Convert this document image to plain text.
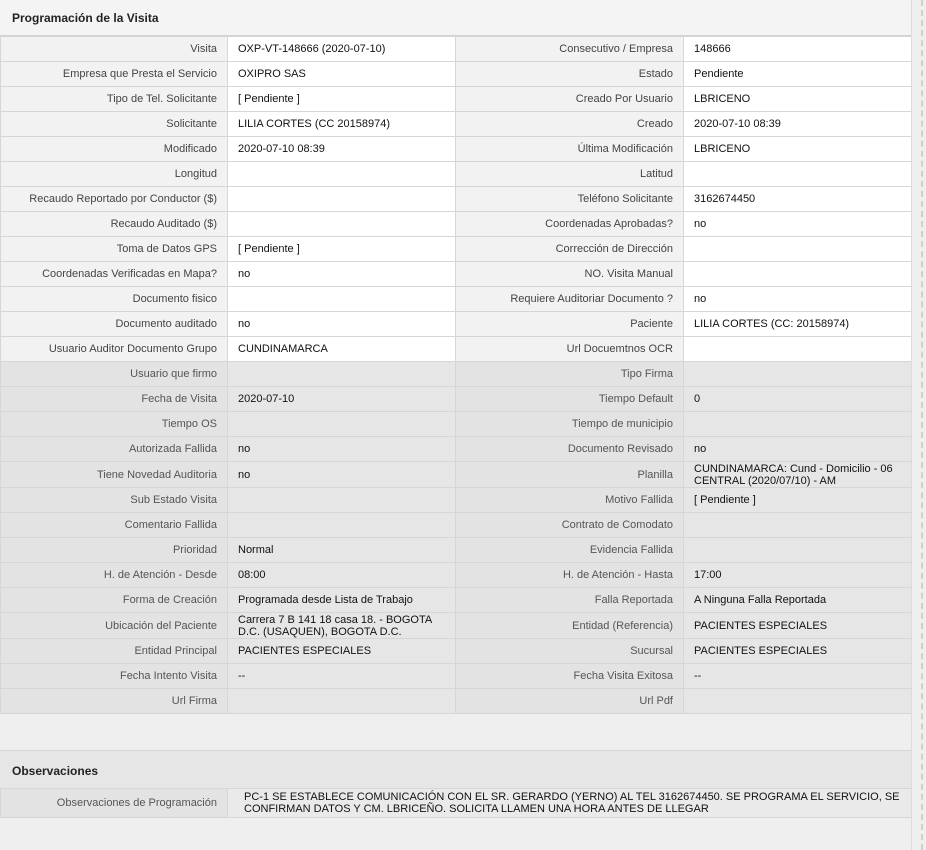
Programación de la Visita
Visita	OXP-VT-148666 (2020-07-10)	Consecutivo / Empresa	148666
Empresa que Presta el Servicio	OXIPRO SAS	Estado	Pendiente
Tipo de Tel. Solicitante	[ Pendiente ]	Creado Por Usuario	LBRICENO
Solicitante	LILIA CORTES (CC 20158974)	Creado	2020-07-10 08:39
Modificado	2020-07-10 08:39	Última Modificación	LBRICENO
Longitud		Latitud	
Recaudo Reportado por Conductor ($)		Teléfono Solicitante	3162674450
Recaudo Auditado ($)		Coordenadas Aprobadas?	no
Toma de Datos GPS	[ Pendiente ]	Corrección de Dirección	
Coordenadas Verificadas en Mapa?	no	NO. Visita Manual	
Documento fisico		Requiere Auditoriar Documento ?	no
Documento auditado	no	Paciente	LILIA CORTES (CC: 20158974)
Usuario Auditor Documento Grupo	CUNDINAMARCA	Url Docuemtnos OCR	
Usuario que firmo		Tipo Firma	
Fecha de Visita	2020-07-10	Tiempo Default	0
Tiempo OS		Tiempo de municipio	
Autorizada Fallida	no	Documento Revisado	no
Tiene Novedad Auditoria	no	Planilla	CUNDINAMARCA: Cund - Domicilio - 06 CENTRAL (2020/07/10) - AM
Sub Estado Visita		Motivo Fallida	[ Pendiente ]
Comentario Fallida		Contrato de Comodato	
Prioridad	Normal	Evidencia Fallida	
H. de Atención - Desde	08:00	H. de Atención - Hasta	17:00
Forma de Creación	Programada desde Lista de Trabajo	Falla Reportada	A Ninguna Falla Reportada
Ubicación del Paciente	Carrera 7 B 141 18 casa 18. - BOGOTA D.C. (USAQUEN), BOGOTA D.C.	Entidad (Referencia)	PACIENTES ESPECIALES
Entidad Principal	PACIENTES ESPECIALES	Sucursal	PACIENTES ESPECIALES
Fecha Intento Visita	--	Fecha Visita Exitosa	--
Url Firma		Url Pdf	
Observaciones
Observaciones de Programación	PC-1 SE ESTABLECE COMUNICACIÓN CON EL SR. GERARDO (YERNO) AL TEL 3162674450. SE PROGRAMA EL SERVICIO, SE CONFIRMAN DATOS Y CM. LBRICEÑO. SOLICITA LLAMEN UNA HORA ANTES DE LLEGAR
